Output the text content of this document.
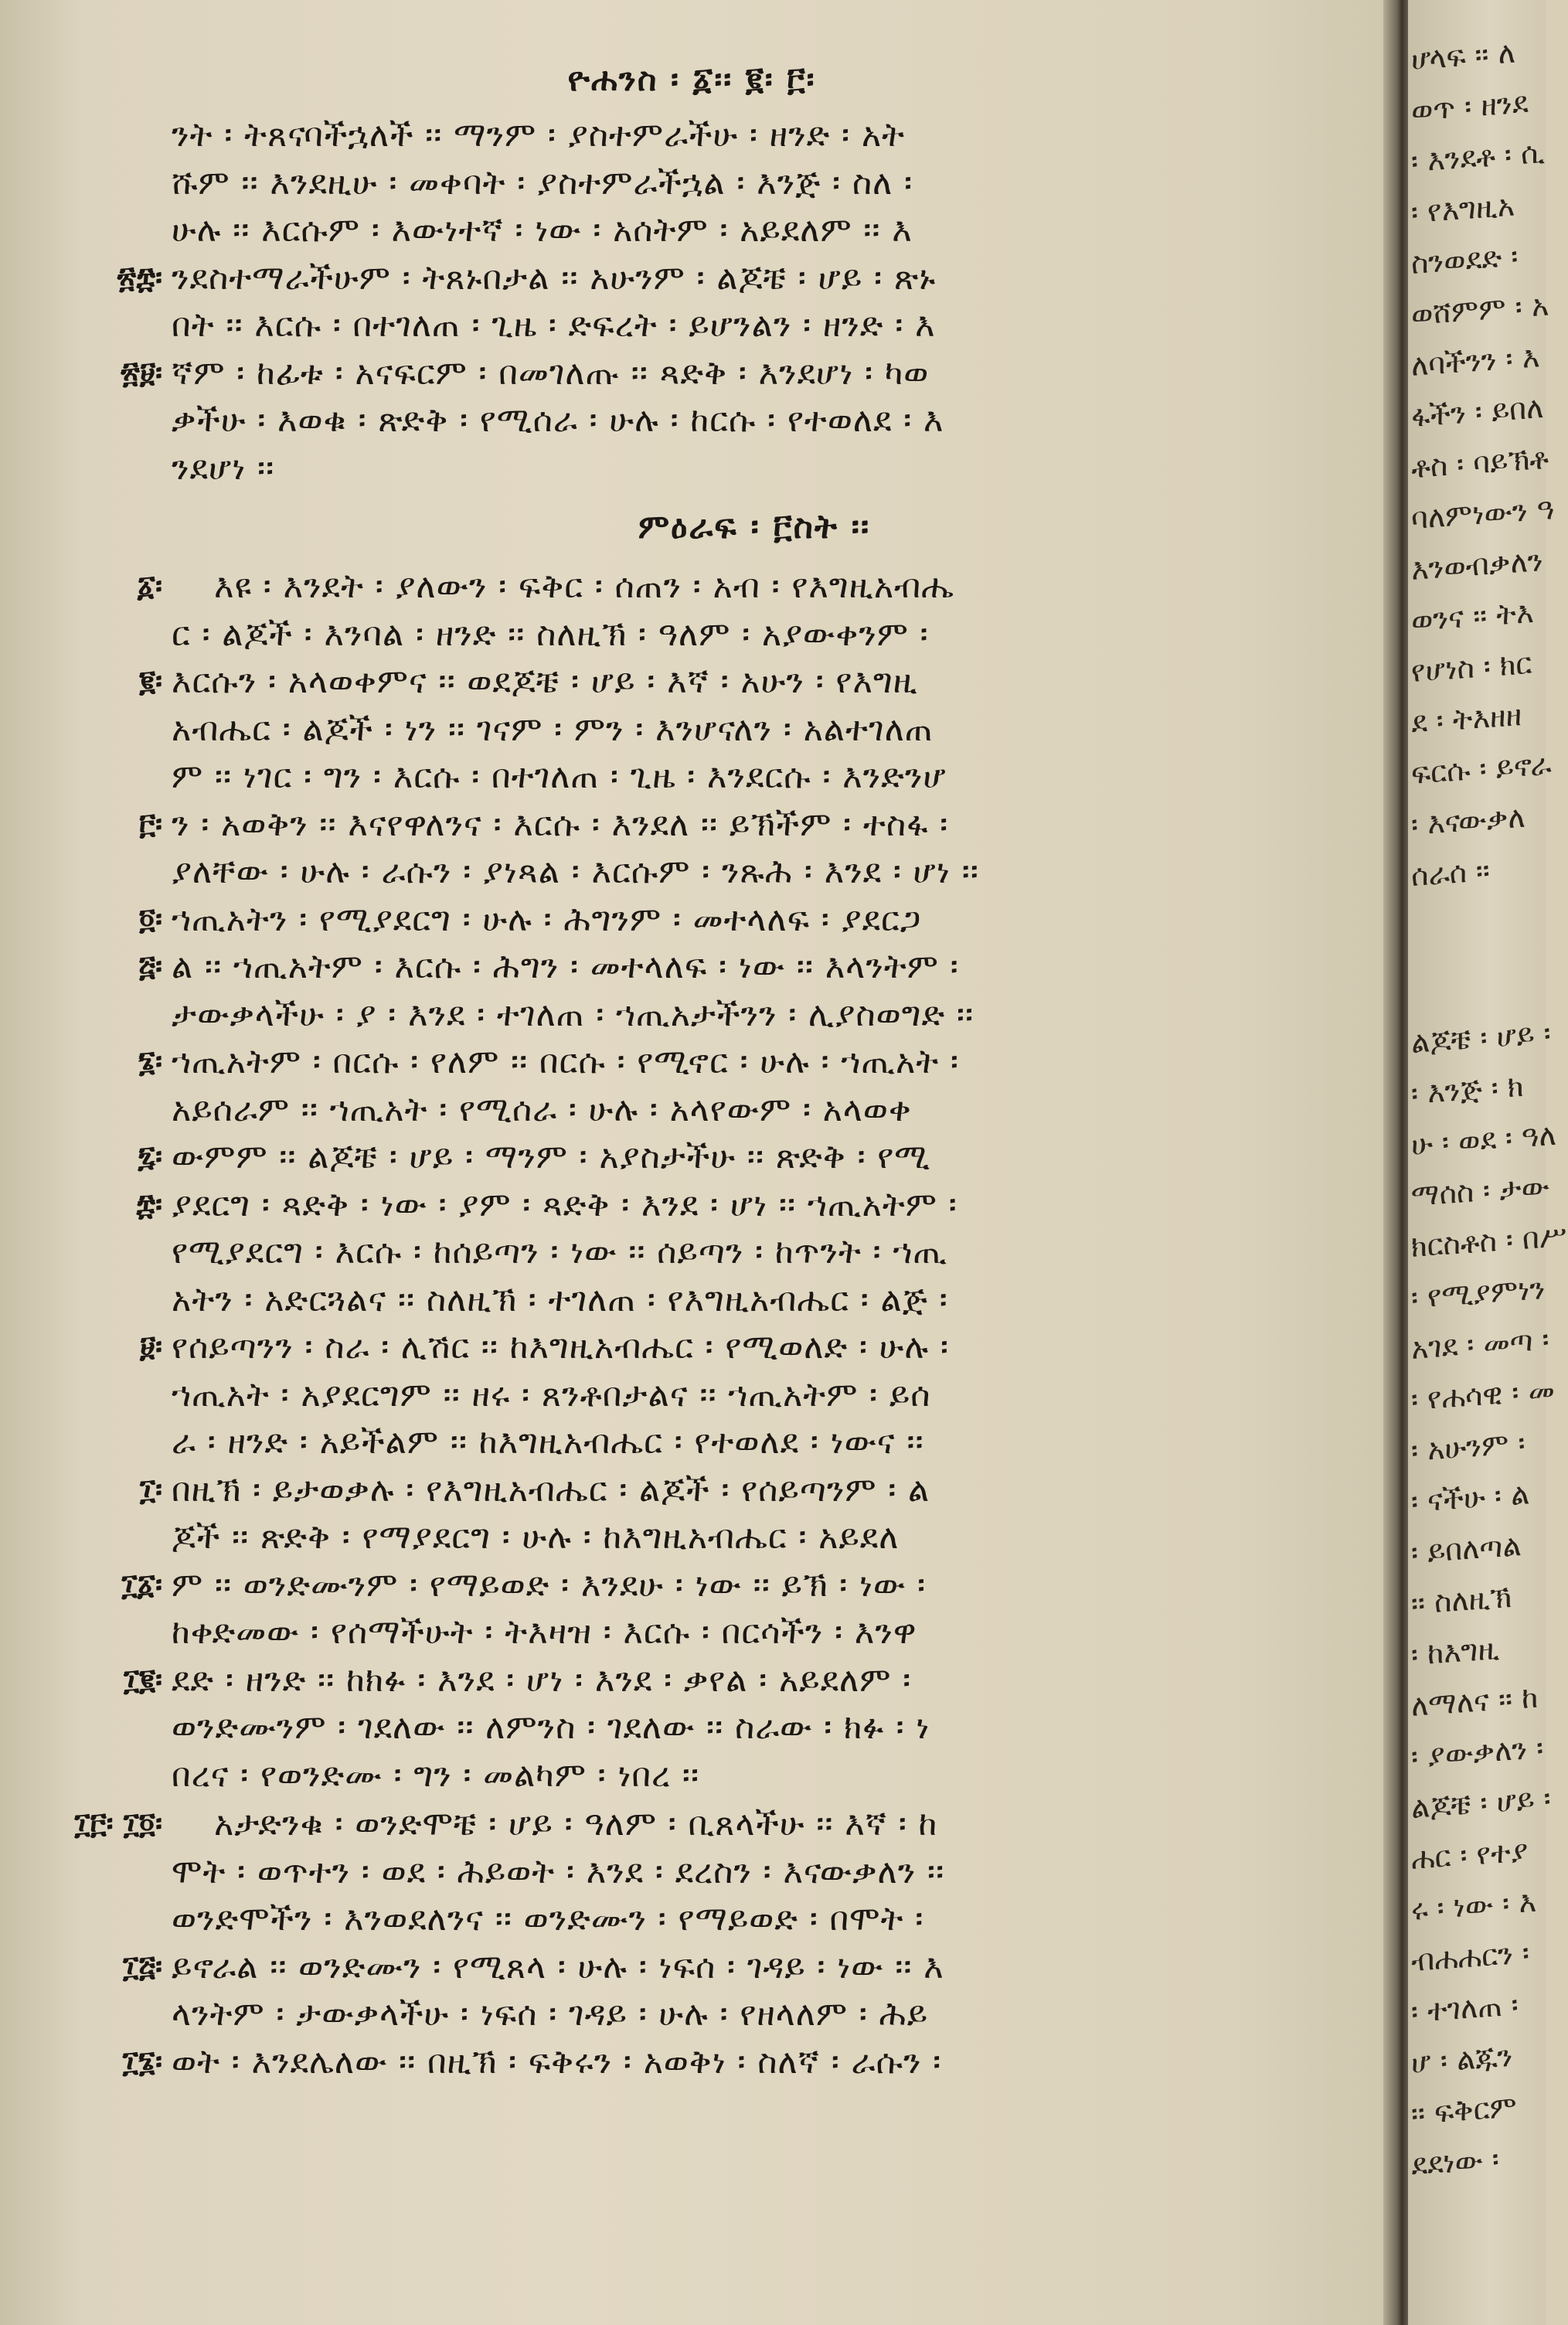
ዮሐንስ ፡ ፩፡፡ ፪፡ ፫፡
፳፰፡
፳፱፡
፩፡
፪፡
፫፡
፬፡
፭፡
፮፡
፯፡
፰፡
፱፡
፲፡
፲፩፡
፲፪፡
፲፫፡ ፲፬፡
፲፭፡
፲፮፡
ንት ፡ ትጸናባችኋለች ፡፡ ማንም ፡ ያስተምራችሁ ፡ ዘንድ ፡ አት
ሹም ፡፡ እንደዚሁ ፡ መቀባት ፡ ያስተምራችኋል ፡ እንጅ ፡ ስለ ፡
ሁሉ ፡፡ እርሱም ፡ እውነተኛ ፡ ነው ፡ አሰትም ፡ አይደለም ፡፡ እ
ንደስተማራችሁም ፡ ትጸኑበታል ፡፡ አሁንም ፡ ልጆቼ ፡ ሆይ ፡ ጽኑ
በት ፡፡ እርሱ ፡ በተገለጠ ፡ ጊዜ ፡ ድፍረት ፡ ይሆንልን ፡ ዘንድ ፡ እ
ኛም ፡ ከፊቱ ፡ አናፍርም ፡ በመገለጡ ፡፡ ጻድቅ ፡ እንደሆነ ፡ ካወ
ቃችሁ ፡ እወቁ ፡ ጽድቅ ፡ የሚሰራ ፡ ሁሉ ፡ ከርሱ ፡ የተወለደ ፡ እ
ንደሆነ ፡፡
ምዕራፍ ፡ ፫ስት ፡፡
እዩ ፡ እንደት ፡ ያለውን ፡ ፍቅር ፡ ሰጠን ፡ አብ ፡ የእግዚአብሔ
ር ፡ ልጆች ፡ እንባል ፡ ዘንድ ፡፡ ስለዚኽ ፡ ዓለም ፡ አያውቀንም ፡
እርሱን ፡ አላወቀምና ፡፡ ወደጆቼ ፡ ሆይ ፡ እኛ ፡ አሁን ፡ የእግዚ
አብሔር ፡ ልጆች ፡ ነን ፡፡ ገናም ፡ ምን ፡ እንሆናለን ፡ አልተገለጠ
ም ፡፡ ነገር ፡ ግን ፡ እርሱ ፡ በተገለጠ ፡ ጊዜ ፡ እንደርሱ ፡ እንድንሆ
ን ፡ አወቅን ፡፡ እናየዋለንና ፡ እርሱ ፡ እንደለ ፡፡ ይኽችም ፡ ተስፋ ፡
ያለቸው ፡ ሁሉ ፡ ራሱን ፡ ያነጻል ፡ እርሱም ፡ ንጹሕ ፡ እንደ ፡ ሆነ ፡፡
ኀጢአትን ፡ የሚያደርግ ፡ ሁሉ ፡ ሕግንም ፡ መተላለፍ ፡ ያደርጋ
ል ፡፡ ኀጢአትም ፡ እርሱ ፡ ሕግን ፡ መተላለፍ ፡ ነው ፡፡ እላንትም ፡
ታውቃላችሁ ፡ ያ ፡ እንደ ፡ ተገለጠ ፡ ኀጢአታችንን ፡ ሊያስወግድ ፡፡
ኀጢአትም ፡ በርሱ ፡ የለም ፡፡ በርሱ ፡ የሚኖር ፡ ሁሉ ፡ ኀጢአት ፡
አይሰራም ፡፡ ኀጢአት ፡ የሚሰራ ፡ ሁሉ ፡ አላየውም ፡ አላወቀ
ውምም ፡፡ ልጆቼ ፡ ሆይ ፡ ማንም ፡ አያስታችሁ ፡፡ ጽድቅ ፡ የሚ
ያደርግ ፡ ጻድቅ ፡ ነው ፡ ያም ፡ ጻድቅ ፡ እንደ ፡ ሆነ ፡፡ ኀጢአትም ፡
የሚያደርግ ፡ እርሱ ፡ ከሰይጣን ፡ ነው ፡፡ ሰይጣን ፡ ከጥንት ፡ ኀጢ
አትን ፡ አድርጓልና ፡፡ ስለዚኽ ፡ ተገለጠ ፡ የእግዚአብሔር ፡ ልጅ ፡
የሰይጣንን ፡ ስራ ፡ ሊሽር ፡፡ ከእግዚአብሔር ፡ የሚወለድ ፡ ሁሉ ፡
ኀጢአት ፡ አያደርግም ፡፡ ዘሩ ፡ ጸንቶበታልና ፡፡ ኀጢአትም ፡ ይሰ
ራ ፡ ዘንድ ፡ አይችልም ፡፡ ከእግዚአብሔር ፡ የተወለደ ፡ ነውና ፡፡
በዚኽ ፡ ይታወቃሉ ፡ የእግዚአብሔር ፡ ልጆች ፡ የሰይጣንም ፡ ል
ጆች ፡፡ ጽድቅ ፡ የማያደርግ ፡ ሁሉ ፡ ከእግዚአብሔር ፡ አይደለ
ም ፡፡ ወንድሙንም ፡ የማይወድ ፡ እንደሁ ፡ ነው ፡፡ ይኽ ፡ ነው ፡
ከቀድመው ፡ የሰማችሁት ፡ ትእዛዝ ፡ እርሱ ፡ በርሳችን ፡ እንዋ
ደድ ፡ ዘንድ ፡፡ ከክፉ ፡ እንደ ፡ ሆነ ፡ እንደ ፡ ቃየል ፡ አይደለም ፡
ወንድሙንም ፡ ገደለው ፡፡ ለምንስ ፡ ገደለው ፡፡ ስራው ፡ ክፉ ፡ ነ
በረና ፡ የወንድሙ ፡ ግን ፡ መልካም ፡ ነበረ ፡፡
አታድንቁ ፡ ወንድሞቼ ፡ ሆይ ፡ ዓለም ፡ ቢጸላችሁ ፡፡ እኛ ፡ ከ
ሞት ፡ ወጥተን ፡ ወደ ፡ ሕይወት ፡ እንደ ፡ ደረስን ፡ እናውቃለን ፡፡
ወንድሞችን ፡ እንወደለንና ፡፡ ወንድሙን ፡ የማይወድ ፡ በሞት ፡
ይኖራል ፡፡ ወንድሙን ፡ የሚጸላ ፡ ሁሉ ፡ ነፍሰ ፡ ገዳይ ፡ ነው ፡፡ እ
ላንትም ፡ ታውቃላችሁ ፡ ነፍሰ ፡ ገዳይ ፡ ሁሉ ፡ የዘላለም ፡ ሕይ
ወት ፡ እንደሌለው ፡፡ በዚኽ ፡ ፍቅሩን ፡ አወቅነ ፡ ስለኛ ፡ ራሱን ፡
ሆላፍ ፡፡ ለ
ወጥ ፡ ዘንደ
፡ እንደቶ ፡ ሲ
፡ የእግዚአ
ስንወደድ ፡
ወሸምም ፡ አ
ለባችንን ፡ እ
ፋችን ፡ ይበለ
ቶስ ፡ ባይኽቶ
ባለምነውን ዓ
እንወብቃለን
ወንና ፡፡ ትእ
የሆነስ ፡ ክር
ደ ፡ ትእዘዘ
ፍርሱ ፡ ይኖራ
፡ እናውቃለ
ሰራሰ ፡፡
ልጆቼ ፡ ሆይ ፡
፡ እንጅ ፡ ክ
ሁ ፡ ወደ ፡ ዓለ
ማሰስ ፡ ታው
ክርስቶስ ፡ በሥ
፡ የሚያምነን
አገደ ፡ መጣ ፡
፡ የሐሳዊ ፡ መ
፡ አሁንም ፡
፡ ናችሁ ፡ ል
፡ ይበለጣል
፡፡ ስለዚኽ
፡ ከእግዚ
ለማለና ፡፡ ከ
፡ ያውቃለን ፡
ልጆቼ ፡ ሆይ ፡
ሐር ፡ የተያ
ሩ ፡ ነው ፡ እ
ብሐሐርን ፡
፡ ተገለጠ ፡
ሆ ፡ ልጁን
፡፡ ፍቅርም
ደደነው ፡
